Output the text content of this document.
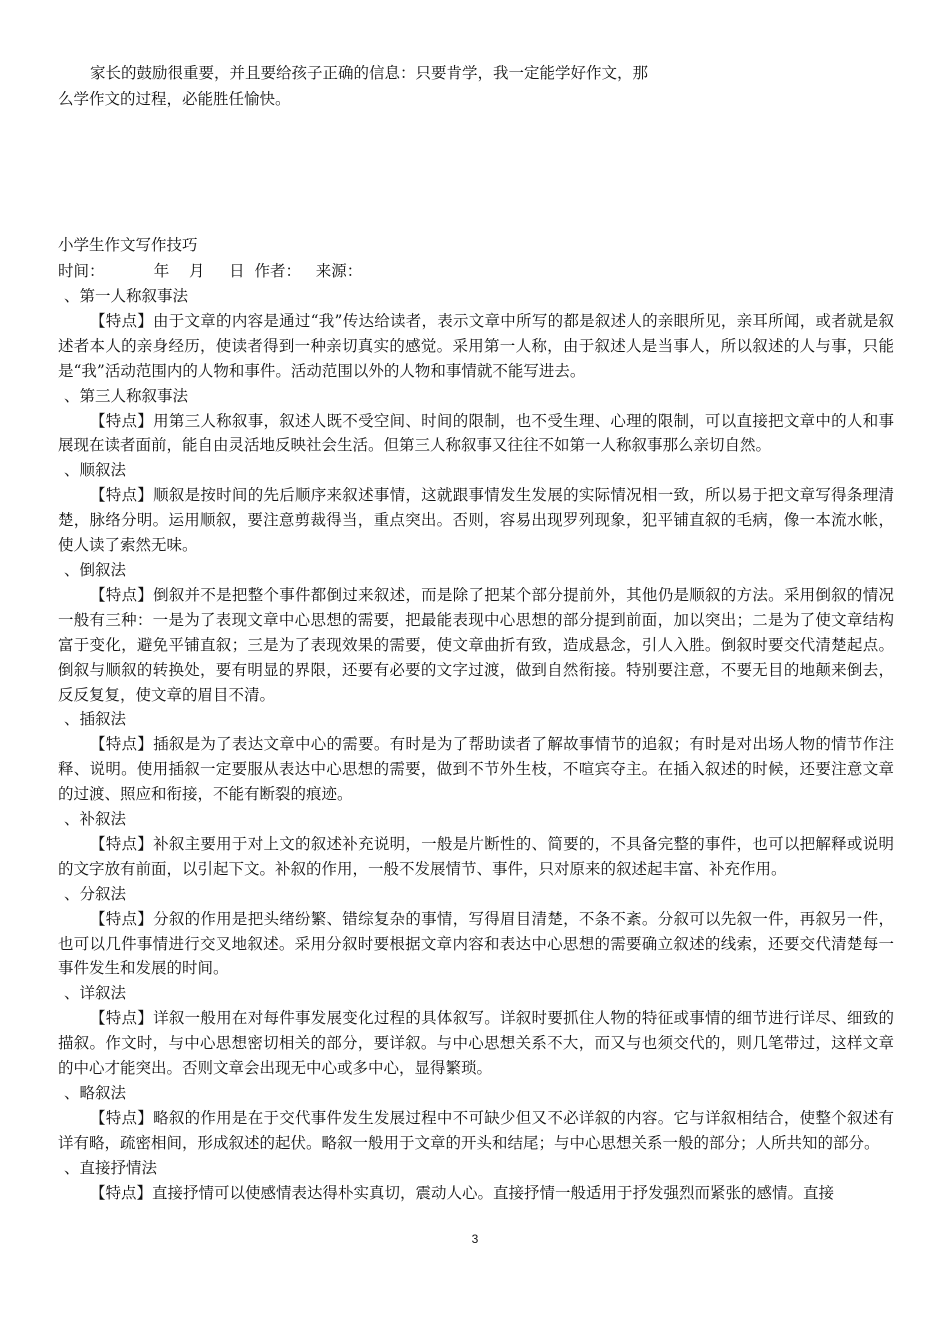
家长的鼓励很重要，并且要给孩子正确的信息：只要肯学，我一定能学好作文，那
么学作文的过程，必能胜任愉快。
小学生作文写作技巧
时间：          年    月     日  作者：   来源：
、第一人称叙事法
【特点】由于文章的内容是通过“我”传达给读者，表示文章中所写的都是叙述人的亲眼所见，亲耳所闻，或者就是叙述者本人的亲身经历，使读者得到一种亲切真实的感觉。采用第一人称，由于叙述人是当事人，所以叙述的人与事，只能是“我”活动范围内的人物和事件。活动范围以外的人物和事情就不能写进去。
、第三人称叙事法
【特点】用第三人称叙事，叙述人既不受空间、时间的限制，也不受生理、心理的限制，可以直接把文章中的人和事展现在读者面前，能自由灵活地反映社会生活。但第三人称叙事又往往不如第一人称叙事那么亲切自然。
、顺叙法
【特点】顺叙是按时间的先后顺序来叙述事情，这就跟事情发生发展的实际情况相一致，所以易于把文章写得条理清楚，脉络分明。运用顺叙，要注意剪裁得当，重点突出。否则，容易出现罗列现象，犯平铺直叙的毛病，像一本流水帐，使人读了索然无味。
、倒叙法
【特点】倒叙并不是把整个事件都倒过来叙述，而是除了把某个部分提前外，其他仍是顺叙的方法。采用倒叙的情况一般有三种：一是为了表现文章中心思想的需要，把最能表现中心思想的部分提到前面，加以突出；二是为了使文章结构富于变化，避免平铺直叙；三是为了表现效果的需要，使文章曲折有致，造成悬念，引人入胜。倒叙时要交代清楚起点。倒叙与顺叙的转换处，要有明显的界限，还要有必要的文字过渡，做到自然衔接。特别要注意，不要无目的地颠来倒去，反反复复，使文章的眉目不清。
、插叙法
【特点】插叙是为了表达文章中心的需要。有时是为了帮助读者了解故事情节的追叙；有时是对出场人物的情节作注释、说明。使用插叙一定要服从表达中心思想的需要，做到不节外生枝，不喧宾夺主。在插入叙述的时候，还要注意文章的过渡、照应和衔接，不能有断裂的痕迹。
、补叙法
【特点】补叙主要用于对上文的叙述补充说明，一般是片断性的、简要的，不具备完整的事件，也可以把解释或说明的文字放有前面，以引起下文。补叙的作用，一般不发展情节、事件，只对原来的叙述起丰富、补充作用。
、分叙法
【特点】分叙的作用是把头绪纷繁、错综复杂的事情，写得眉目清楚，不条不紊。分叙可以先叙一件，再叙另一件，也可以几件事情进行交叉地叙述。采用分叙时要根据文章内容和表达中心思想的需要确立叙述的线索，还要交代清楚每一事件发生和发展的时间。
、详叙法
【特点】详叙一般用在对每件事发展变化过程的具体叙写。详叙时要抓住人物的特征或事情的细节进行详尽、细致的描叙。作文时，与中心思想密切相关的部分，要详叙。与中心思想关系不大，而又与也须交代的，则几笔带过，这样文章的中心才能突出。否则文章会出现无中心或多中心，显得繁琐。
、略叙法
【特点】略叙的作用是在于交代事件发生发展过程中不可缺少但又不必详叙的内容。它与详叙相结合，使整个叙述有详有略，疏密相间，形成叙述的起伏。略叙一般用于文章的开头和结尾；与中心思想关系一般的部分；人所共知的部分。
、直接抒情法
【特点】直接抒情可以使感情表达得朴实真切，震动人心。直接抒情一般适用于抒发强烈而紧张的感情。直接
3
